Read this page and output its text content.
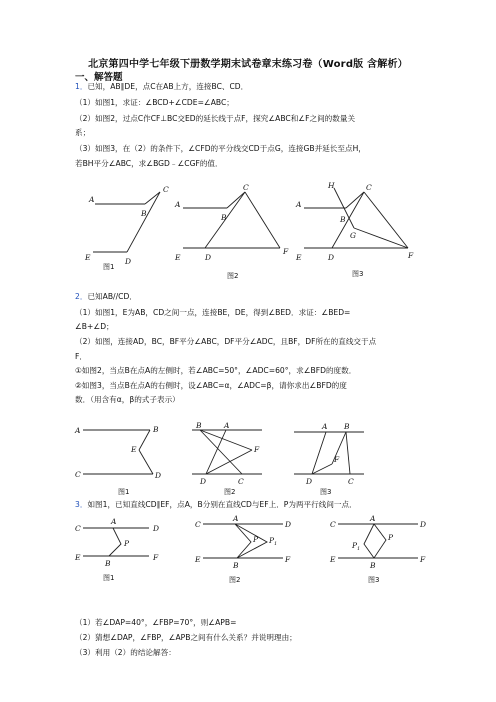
北京第四中学七年级下册数学期末试卷章末练习卷（Word版 含解析）
一、解答题
1．已知，AB∥DE，点C在AB上方，连接BC、CD．
（1）如图1，求证：∠BCD+∠CDE=∠ABC；
（2）如图2，过点C作CF⊥BC交ED的延长线于点F，探究∠ABC和∠F之间的数量关
系；
（3）如图3，在（2）的条件下，∠CFD的平分线交CD于点G，连接GB并延长至点H，
若BH平分∠ABC，求∠BGD﹣∠CGF的值．
A
B
C
D
E
图1
A
B
C
D
E
F
图2
H
A
B
C
G
D
E	F
图3
2．已知AB//CD．
（1）如图1，E为AB，CD之间一点，连接BE，DE，得到∠BED．求证：∠BED=
∠B+∠D；
（2）如图，连接AD，BC，BF平分∠ABC，DF平分∠ADC，且BF，DF所在的直线交于点
F．
①如图2，当点B在点A的左侧时，若∠ABC=50°，∠ADC=60°，求∠BFD的度数．
②如图3，当点B在点A的右侧时，设∠ABC=α，∠ADC=β，请你求出∠BFD的度
数．（用含有α，β的式子表示）
A	B
E
C	D
图1
B	A
F
D	C
图2
A B
F
D	C
图3
3．如图1，已知直线CD∥EF，点A，B分别在直线CD与EF上．P为两平行线间一点．
C
A
D
P
E
B
F
图1
C
A
D
P $P_1$
E
B
F
图2
C
A
D
P
$P_1$
E
B
F
图3
（1）若∠DAP=40°，∠FBP=70°，则∠APB=
（2）猜想∠DAP，∠FBP，∠APB之间有什么关系？并说明理由；
（3）利用（2）的结论解答：
